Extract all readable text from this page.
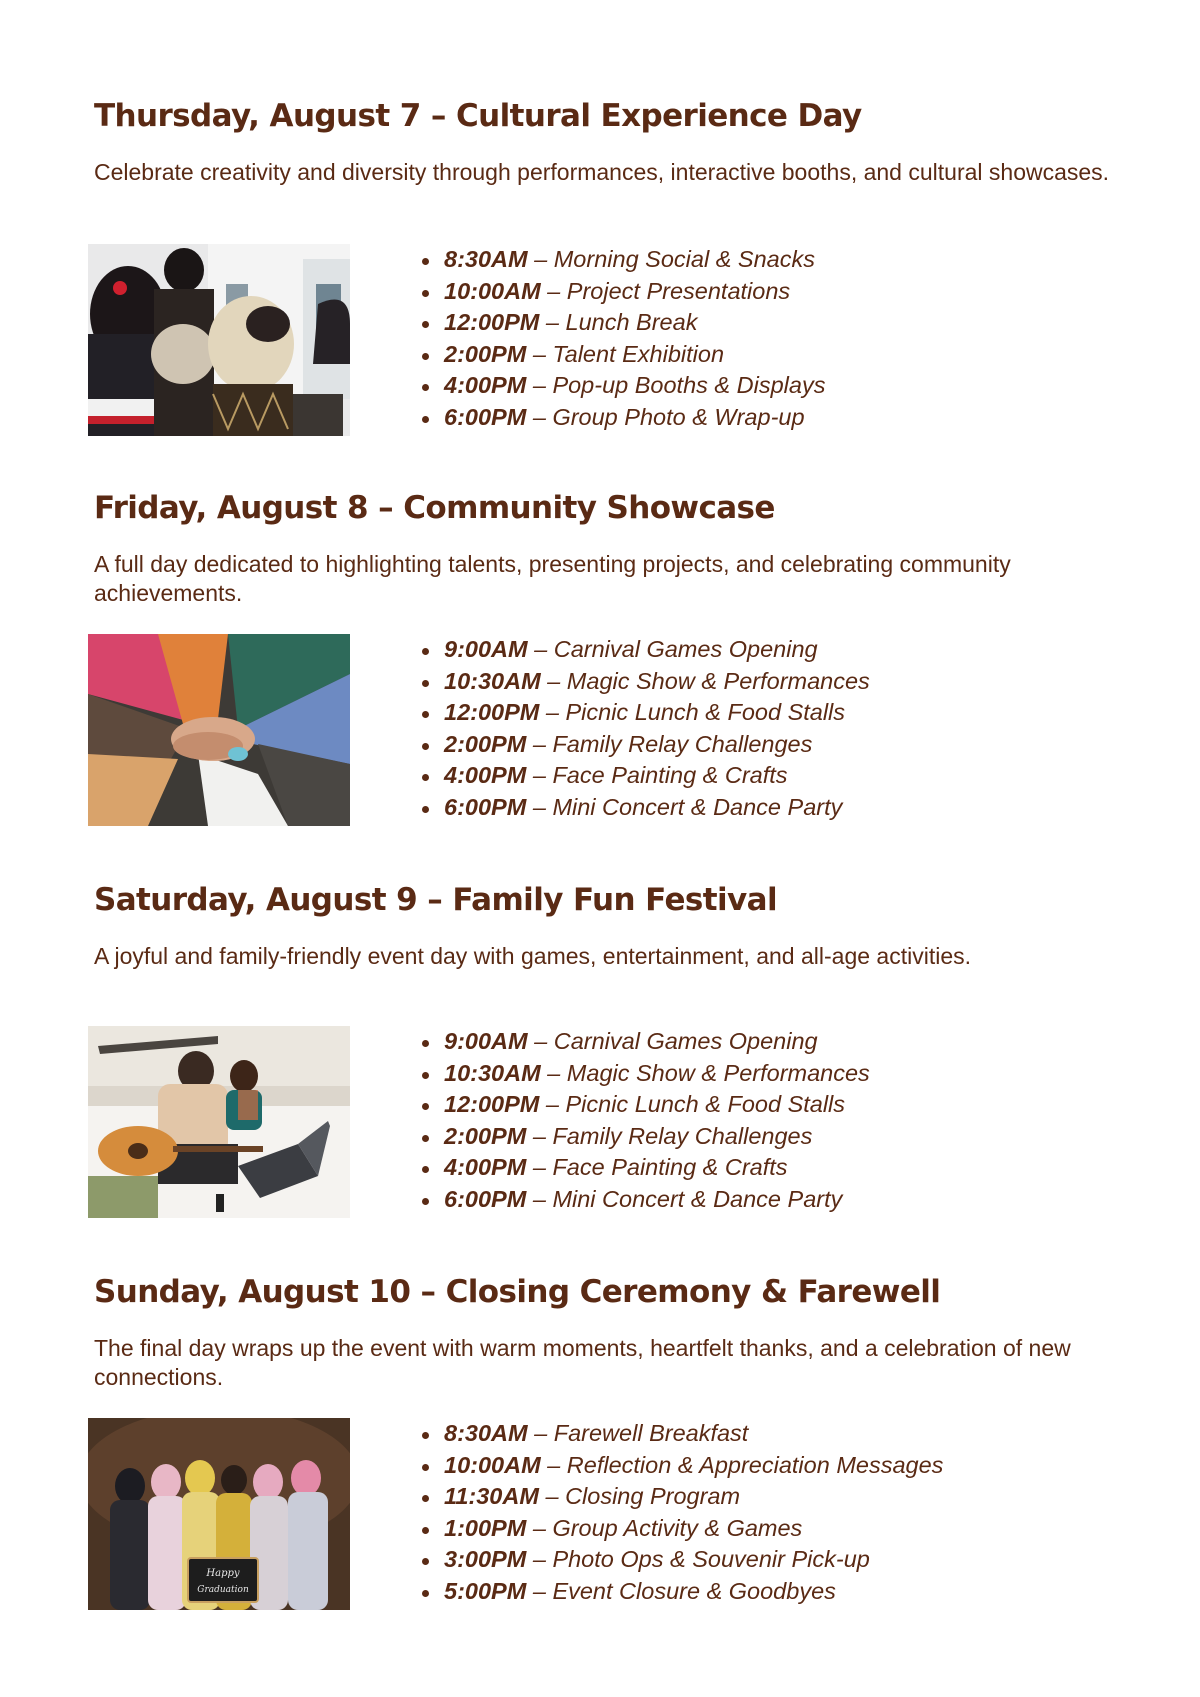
Thursday, August 7 – Cultural Experience Day

Celebrate creativity and diversity through performances, interactive booths, and cultural showcases.

8:30AM – Morning Social & Snacks
10:00AM – Project Presentations
12:00PM – Lunch Break
2:00PM – Talent Exhibition
4:00PM – Pop-up Booths & Displays
6:00PM – Group Photo & Wrap-up
Friday, August 8 – Community Showcase

A full day dedicated to highlighting talents, presenting projects, and celebrating community achievements.

9:00AM – Carnival Games Opening
10:30AM – Magic Show & Performances
12:00PM – Picnic Lunch & Food Stalls
2:00PM – Family Relay Challenges
4:00PM – Face Painting & Crafts
6:00PM – Mini Concert & Dance Party
Saturday, August 9 – Family Fun Festival

A joyful and family-friendly event day with games, entertainment, and all-age activities.

9:00AM – Carnival Games Opening
10:30AM – Magic Show & Performances
12:00PM – Picnic Lunch & Food Stalls
2:00PM – Family Relay Challenges
4:00PM – Face Painting & Crafts
6:00PM – Mini Concert & Dance Party
Sunday, August 10 – Closing Ceremony & Farewell

The final day wraps up the event with warm moments, heartfelt thanks, and a celebration of new connections.

Happy
Graduation
8:30AM – Farewell Breakfast
10:00AM – Reflection & Appreciation Messages
11:30AM – Closing Program
1:00PM – Group Activity & Games
3:00PM – Photo Ops & Souvenir Pick-up
5:00PM – Event Closure & Goodbyes
